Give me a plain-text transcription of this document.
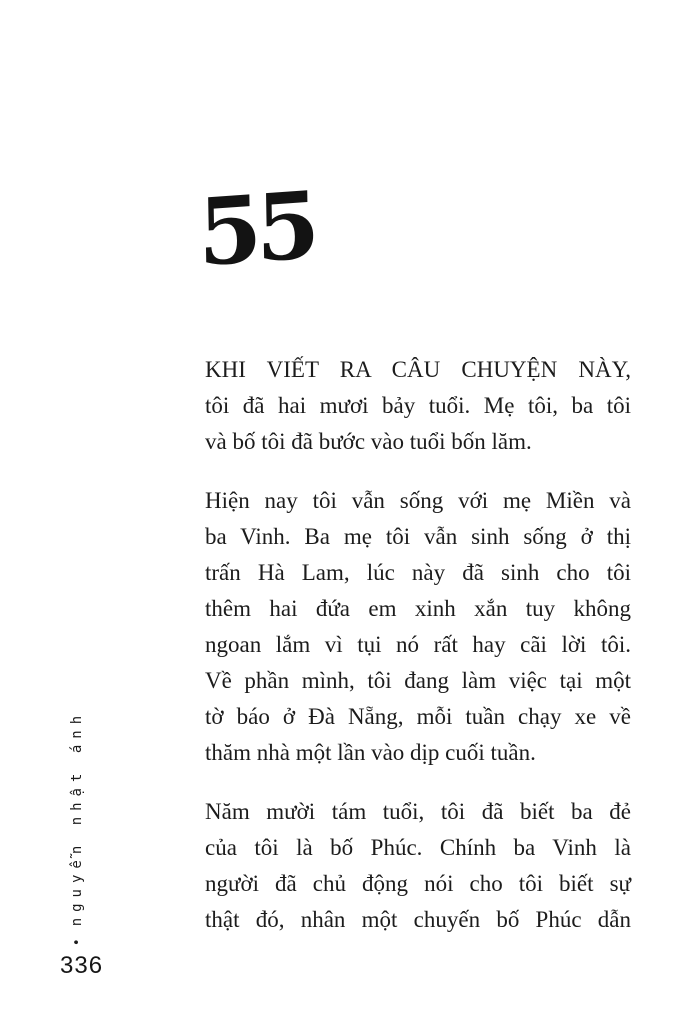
55
KHI VIẾT RA CÂU CHUYỆN NÀY,
tôi đã hai mươi bảy tuổi. Mẹ tôi, ba tôi
và bố tôi đã bước vào tuổi bốn lăm.
Hiện nay tôi vẫn sống với mẹ Miền và
ba Vinh. Ba mẹ tôi vẫn sinh sống ở thị
trấn Hà Lam, lúc này đã sinh cho tôi
thêm hai đứa em xinh xắn tuy không
ngoan lắm vì tụi nó rất hay cãi lời tôi.
Về phần mình, tôi đang làm việc tại một
tờ báo ở Đà Nẵng, mỗi tuần chạy xe về
thăm nhà một lần vào dịp cuối tuần.
Năm mười tám tuổi, tôi đã biết ba đẻ
của tôi là bố Phúc. Chính ba Vinh là
người đã chủ động nói cho tôi biết sự
thật đó, nhân một chuyến bố Phúc dẫn
•nguyễn nhật ánh
336
